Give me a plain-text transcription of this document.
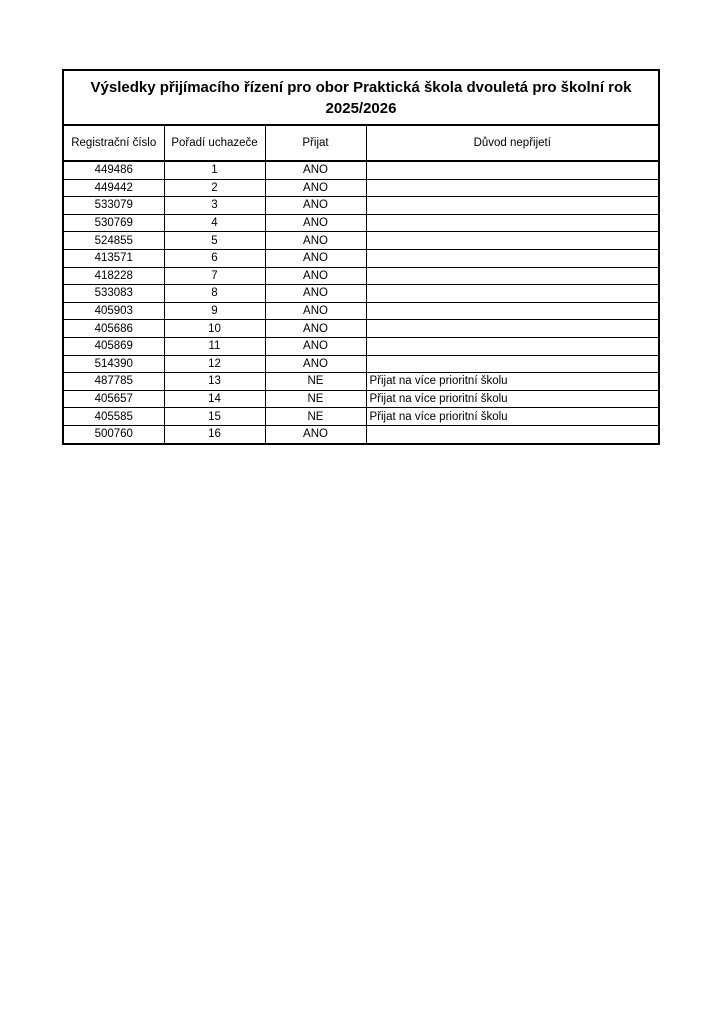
Výsledky přijímacího řízení pro obor Praktická škola dvouletá pro školní rok 2025/2026			
Registrační číslo	Pořadí uchazeče	Přijat	Důvod nepřijetí
449486	1	ANO	
449442	2	ANO	
533079	3	ANO	
530769	4	ANO	
524855	5	ANO	
413571	6	ANO	
418228	7	ANO	
533083	8	ANO	
405903	9	ANO	
405686	10	ANO	
405869	11	ANO	
514390	12	ANO	
487785	13	NE	Přijat na více prioritní školu
405657	14	NE	Přijat na více prioritní školu
405585	15	NE	Přijat na více prioritní školu
500760	16	ANO	
